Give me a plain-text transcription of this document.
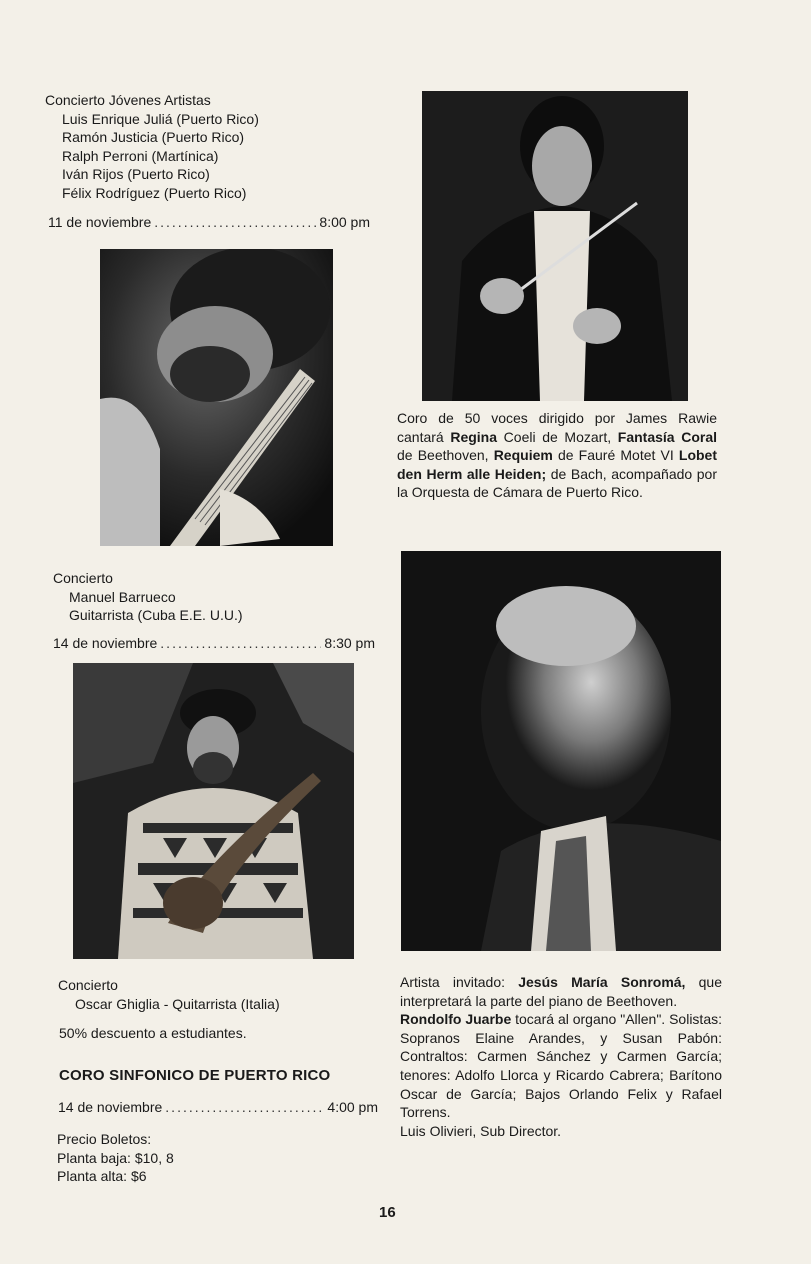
Concierto Jóvenes Artistas
Luis Enrique Juliá (Puerto Rico)
Ramón Justicia (Puerto Rico)
Ralph Perroni (Martínica)
Iván Rijos (Puerto Rico)
Félix Rodríguez (Puerto Rico)
11 de noviembre .....	8:00 pm
Concierto
Manuel Barrueco
Guitarrista (Cuba E.E. U.U.)
14 de noviembre .....	8:30 pm
Concierto
Oscar Ghiglia - Quitarrista (Italia)
50% descuento a estudiantes.
CORO SINFONICO DE PUERTO RICO
14 de noviembre .....	4:00 pm
Precio Boletos:
Planta baja: $10, 8
Planta alta: $6
Coro de 50 voces dirigido por James Rawie cantará Regina Coeli de Mozart, Fantasía Coral de Beethoven, Requiem de Fauré Motet VI Lobet den Herm alle Heiden; de Bach, acompañado por la Orquesta de Cámara de Puerto Rico.
Artista invitado: Jesús María Sonromá, que interpretará la parte del piano de Beethoven.
Rondolfo Juarbe tocará al organo "Allen". Solistas: Sopranos Elaine Arandes, y Susan Pabón: Contraltos: Carmen Sánchez y Carmen García; tenores: Adolfo Llorca y Ricardo Cabrera; Barítono Oscar de García; Bajos Orlando Felix y Rafael Torrens.
Luis Olivieri, Sub Director.
16
